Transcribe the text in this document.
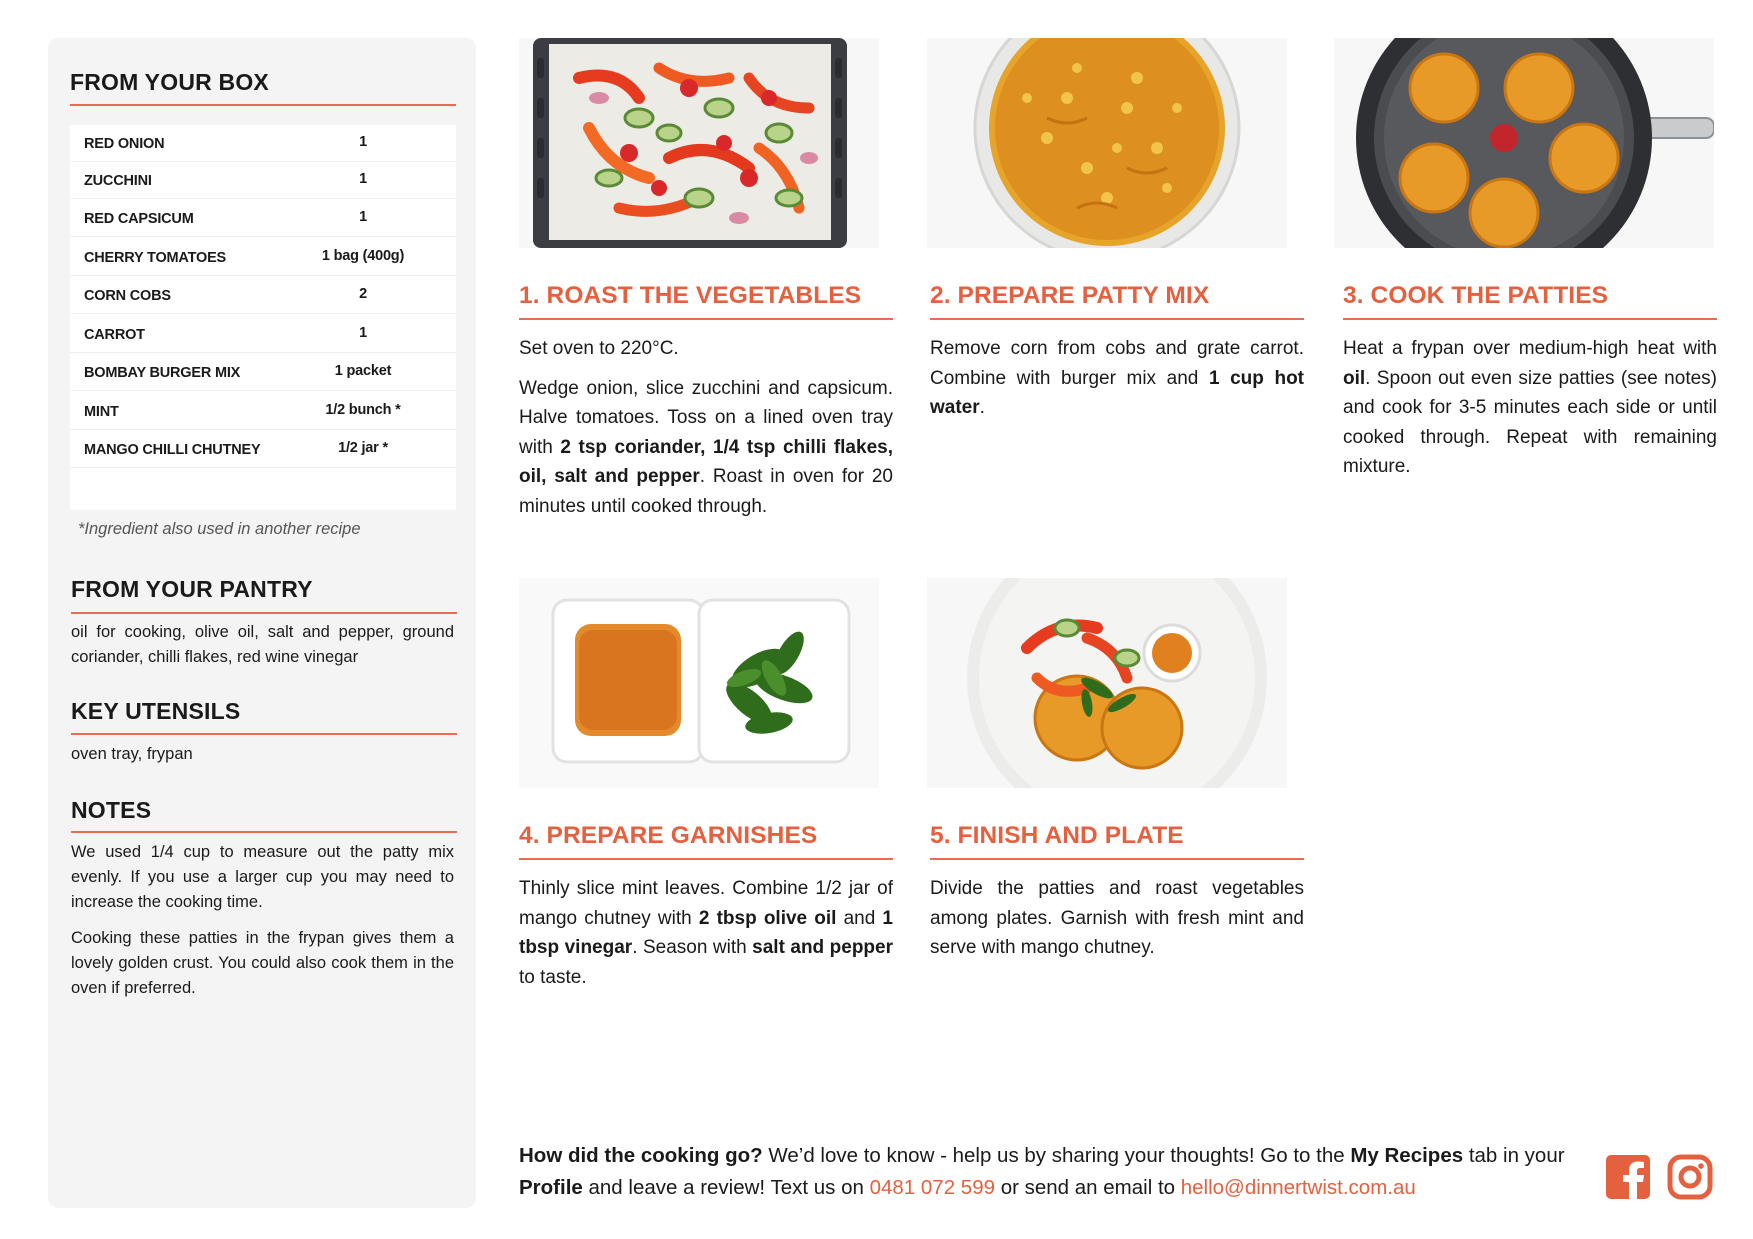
FROM YOUR BOX
RED ONION	1
ZUCCHINI	1
RED CAPSICUM	1
CHERRY TOMATOES	1 bag (400g)
CORN COBS	2
CARROT	1
BOMBAY BURGER MIX	1 packet
MINT	1/2 bunch *
MANGO CHILLI CHUTNEY	1/2 jar *
*Ingredient also used in another recipe
FROM YOUR PANTRY
oil for cooking, olive oil, salt and pepper, ground coriander, chilli flakes, red wine vinegar
KEY UTENSILS
oven tray, frypan
NOTES
We used 1/4 cup to measure out the patty mix evenly. If you use a larger cup you may need to increase the cooking time.
Cooking these patties in the frypan gives them a lovely golden crust. You could also cook them in the oven if preferred.
1. ROAST THE VEGETABLES

Set oven to 220°C.

Wedge onion, slice zucchini and capsicum. Halve tomatoes. Toss on a lined oven tray with 2 tsp coriander, 1/4 tsp chilli flakes, oil, salt and pepper. Roast in oven for 20 minutes until cooked through.

2. PREPARE PATTY MIX

Remove corn from cobs and grate carrot. Combine with burger mix and 1 cup hot water.

3. COOK THE PATTIES

Heat a frypan over medium-high heat with oil. Spoon out even size patties (see notes) and cook for 3-5 minutes each side or until cooked through. Repeat with remaining mixture.

4. PREPARE GARNISHES

Thinly slice mint leaves. Combine 1/2 jar of mango chutney with 2 tbsp olive oil and 1 tbsp vinegar. Season with salt and pepper to taste.

5. FINISH AND PLATE

Divide the patties and roast vegetables among plates. Garnish with fresh mint and serve with mango chutney.

How did the cooking go? We’d love to know - help us by sharing your thoughts! Go to the My Recipes tab in your Profile and leave a review! Text us on 0481 072 599 or send an email to hello@dinnertwist.com.au
